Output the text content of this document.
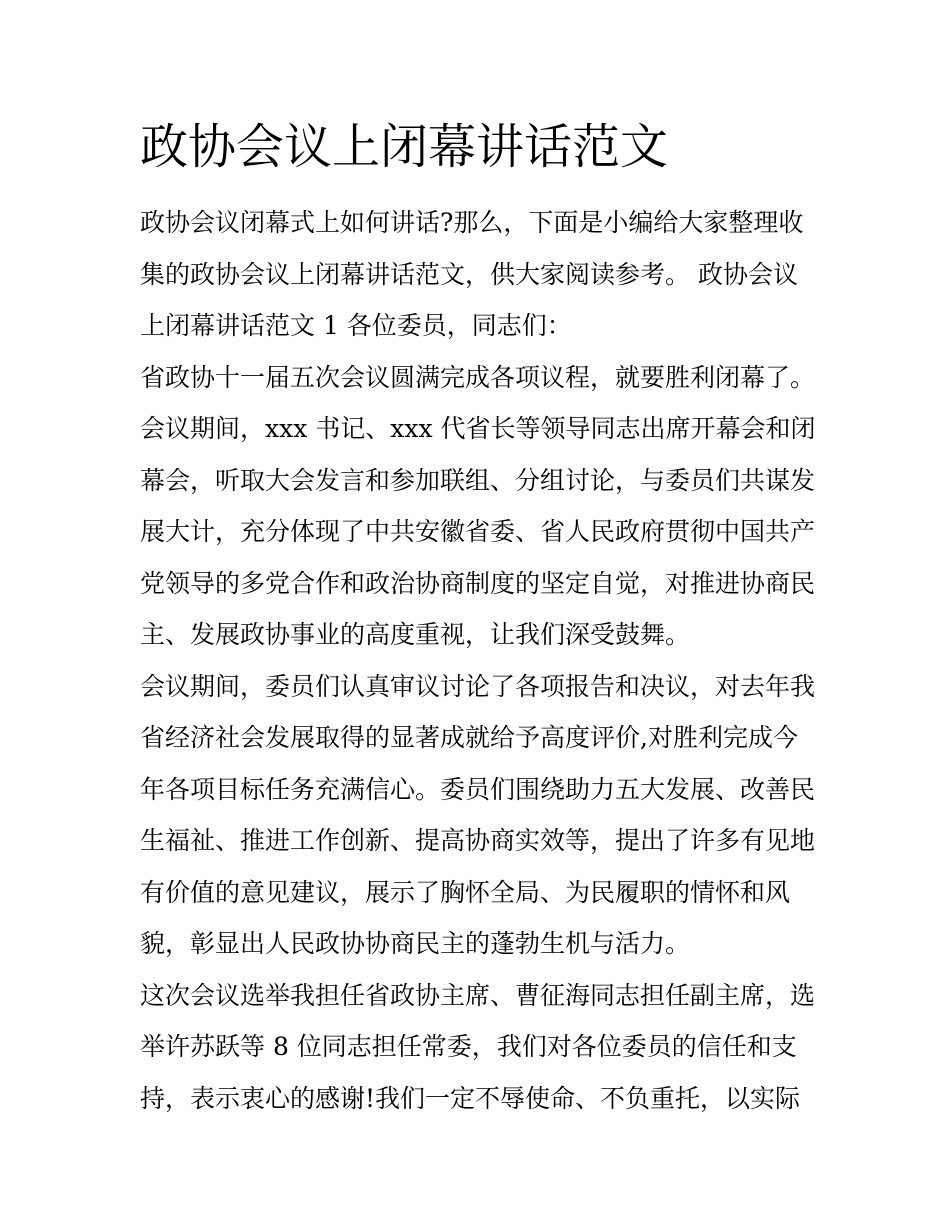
政协会议上闭幕讲话范文
政协会议闭幕式上如何讲话?那么，下面是小编给大家整理收
集的政协会议上闭幕讲话范文，供大家阅读参考。 政协会议
上闭幕讲话范文 1 各位委员，同志们：
省政协十一届五次会议圆满完成各项议程，就要胜利闭幕了。
会议期间，xxx 书记、xxx 代省长等领导同志出席开幕会和闭
幕会，听取大会发言和参加联组、分组讨论，与委员们共谋发
展大计，充分体现了中共安徽省委、省人民政府贯彻中国共产
党领导的多党合作和政治协商制度的坚定自觉，对推进协商民
主、发展政协事业的高度重视，让我们深受鼓舞。
会议期间，委员们认真审议讨论了各项报告和决议，对去年我
省经济社会发展取得的显著成就给予高度评价,对胜利完成今
年各项目标任务充满信心。委员们围绕助力五大发展、改善民
生福祉、推进工作创新、提高协商实效等，提出了许多有见地
有价值的意见建议，展示了胸怀全局、为民履职的情怀和风
貌，彰显出人民政协协商民主的蓬勃生机与活力。
这次会议选举我担任省政协主席、曹征海同志担任副主席，选
举许苏跃等 8 位同志担任常委，我们对各位委员的信任和支
持，表示衷心的感谢!我们一定不辱使命、不负重托，以实际
